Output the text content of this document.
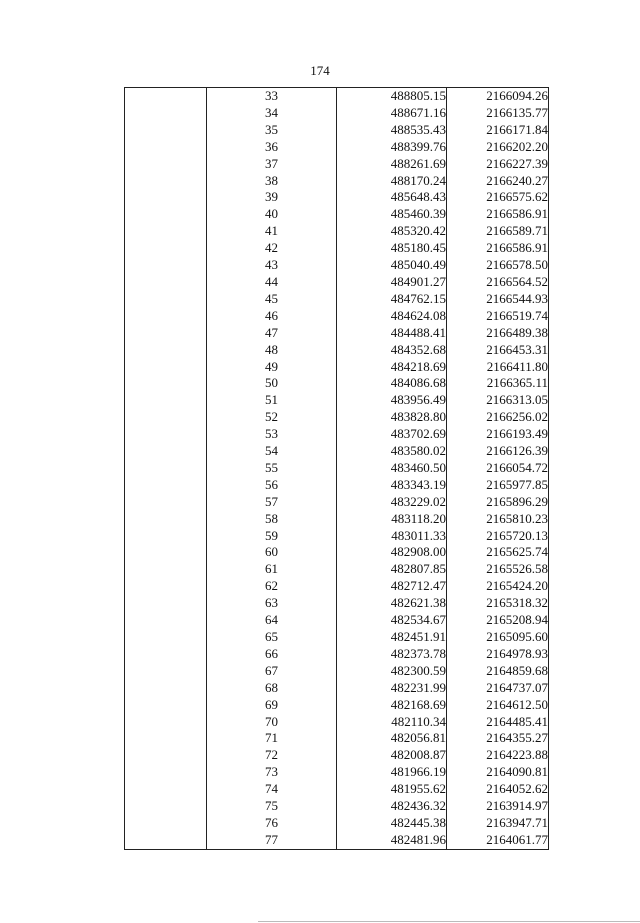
174
	33	488805.15	2166094.26
	34	488671.16	2166135.77
	35	488535.43	2166171.84
	36	488399.76	2166202.20
	37	488261.69	2166227.39
	38	488170.24	2166240.27
	39	485648.43	2166575.62
	40	485460.39	2166586.91
	41	485320.42	2166589.71
	42	485180.45	2166586.91
	43	485040.49	2166578.50
	44	484901.27	2166564.52
	45	484762.15	2166544.93
	46	484624.08	2166519.74
	47	484488.41	2166489.38
	48	484352.68	2166453.31
	49	484218.69	2166411.80
	50	484086.68	2166365.11
	51	483956.49	2166313.05
	52	483828.80	2166256.02
	53	483702.69	2166193.49
	54	483580.02	2166126.39
	55	483460.50	2166054.72
	56	483343.19	2165977.85
	57	483229.02	2165896.29
	58	483118.20	2165810.23
	59	483011.33	2165720.13
	60	482908.00	2165625.74
	61	482807.85	2165526.58
	62	482712.47	2165424.20
	63	482621.38	2165318.32
	64	482534.67	2165208.94
	65	482451.91	2165095.60
	66	482373.78	2164978.93
	67	482300.59	2164859.68
	68	482231.99	2164737.07
	69	482168.69	2164612.50
	70	482110.34	2164485.41
	71	482056.81	2164355.27
	72	482008.87	2164223.88
	73	481966.19	2164090.81
	74	481955.62	2164052.62
	75	482436.32	2163914.97
	76	482445.38	2163947.71
	77	482481.96	2164061.77
